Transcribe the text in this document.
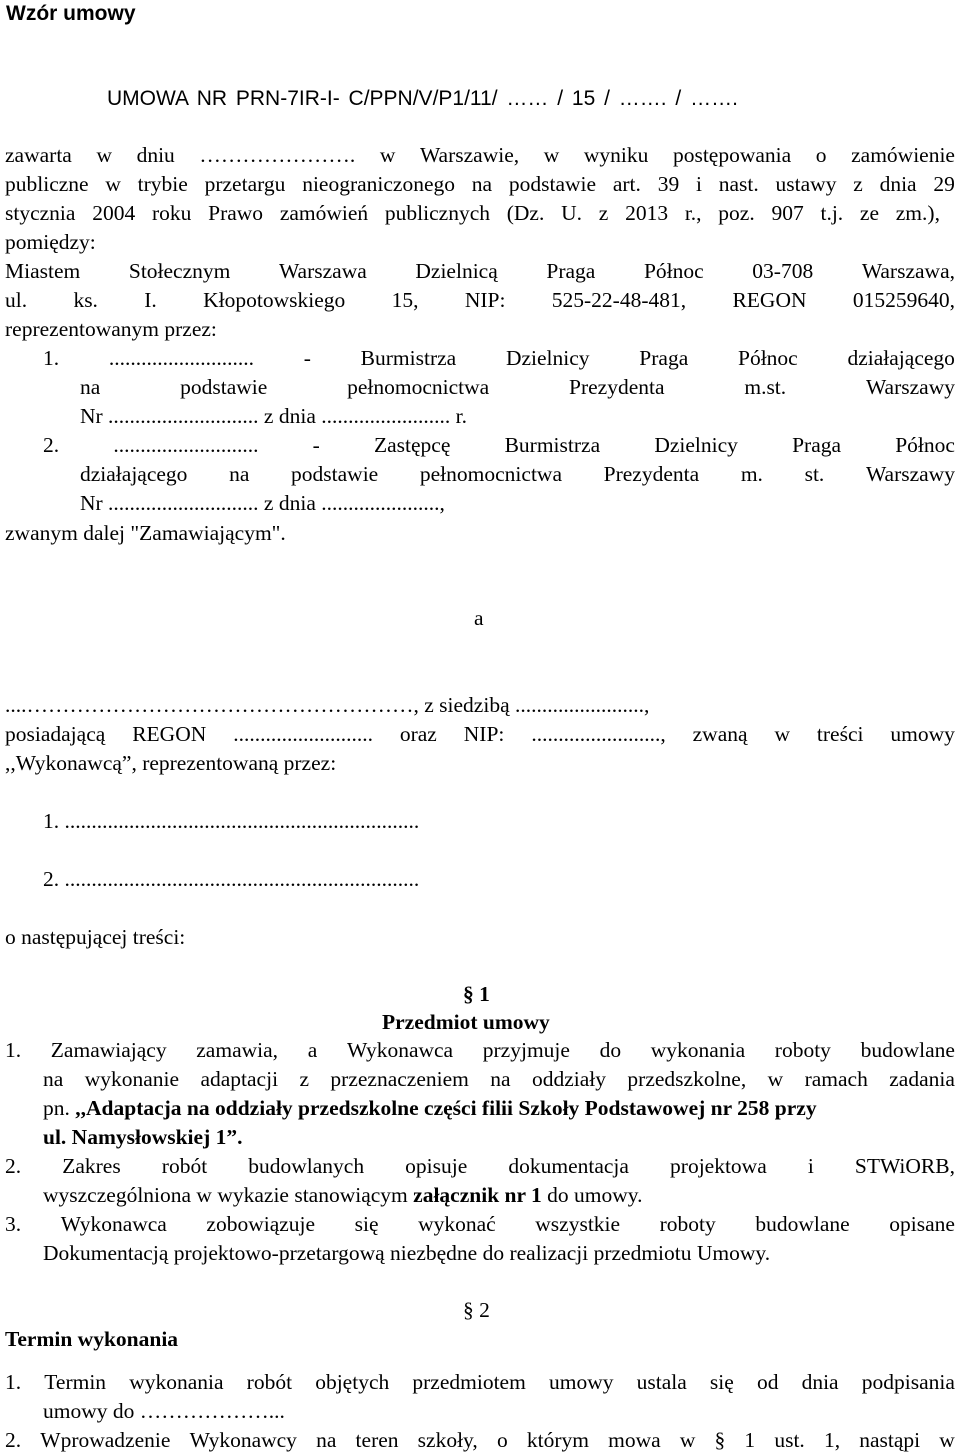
Wzór umowy
UMOWA NR PRN-7IR-I- C/PPN/V/P1/11/ …… / 15 / ……. / …….
zawarta w dniu …………………. w Warszawie, w wyniku postępowania o zamówienie
publiczne w trybie przetargu nieograniczonego na podstawie art. 39 i nast. ustawy z dnia 29
stycznia 2004 roku Prawo zamówień publicznych (Dz. U. z 2013 r., poz. 907 t.j. ze zm.),
pomiędzy:
Miastem Stołecznym Warszawa Dzielnicą Praga Północ 03-708 Warszawa,
ul. ks. I. Kłopotowskiego 15, NIP: 525-22-48-481, REGON 015259640,
reprezentowanym przez:
1. ........................... - Burmistrza Dzielnicy Praga Północ działającego
na	podstawie	pełnomocnictwa	Prezydenta	m.st.	Warszawy
Nr ............................ z dnia ........................ r.
2.	...........................	-	Zastępcę	Burmistrza	Dzielnicy	Praga	Północ
działającego na podstawie pełnomocnictwa Prezydenta m. st. Warszawy
Nr ............................ z dnia ......................,
zwanym dalej "Zamawiającym".
a
....………………………………………………, z siedzibą ........................,
posiadającą REGON .......................... oraz NIP: ........................, zwaną w treści umowy
,,Wykonawcą”, reprezentowaną przez:
1. ..................................................................
2. ..................................................................
o następującej treści:
§ 1
Przedmiot umowy
1. Zamawiający zamawia, a Wykonawca przyjmuje do wykonania roboty budowlane
na wykonanie adaptacji z przeznaczeniem na oddziały przedszkolne, w ramach zadania
pn. ,,Adaptacja na oddziały przedszkolne części filii Szkoły Podstawowej nr 258 przy
ul. Namysłowskiej 1”.
2. Zakres robót budowlanych opisuje dokumentacja projektowa i STWiORB,
wyszczególniona w wykazie stanowiącym załącznik nr 1 do umowy.
3. Wykonawca zobowiązuje się wykonać wszystkie roboty budowlane opisane
Dokumentacją projektowo-przetargową niezbędne do realizacji przedmiotu Umowy.
§ 2
Termin wykonania
1. Termin wykonania robót objętych przedmiotem umowy ustala się od dnia podpisania
umowy do ………………...
2. Wprowadzenie Wykonawcy na teren szkoły, o którym mowa w § 1 ust. 1, nastąpi w
